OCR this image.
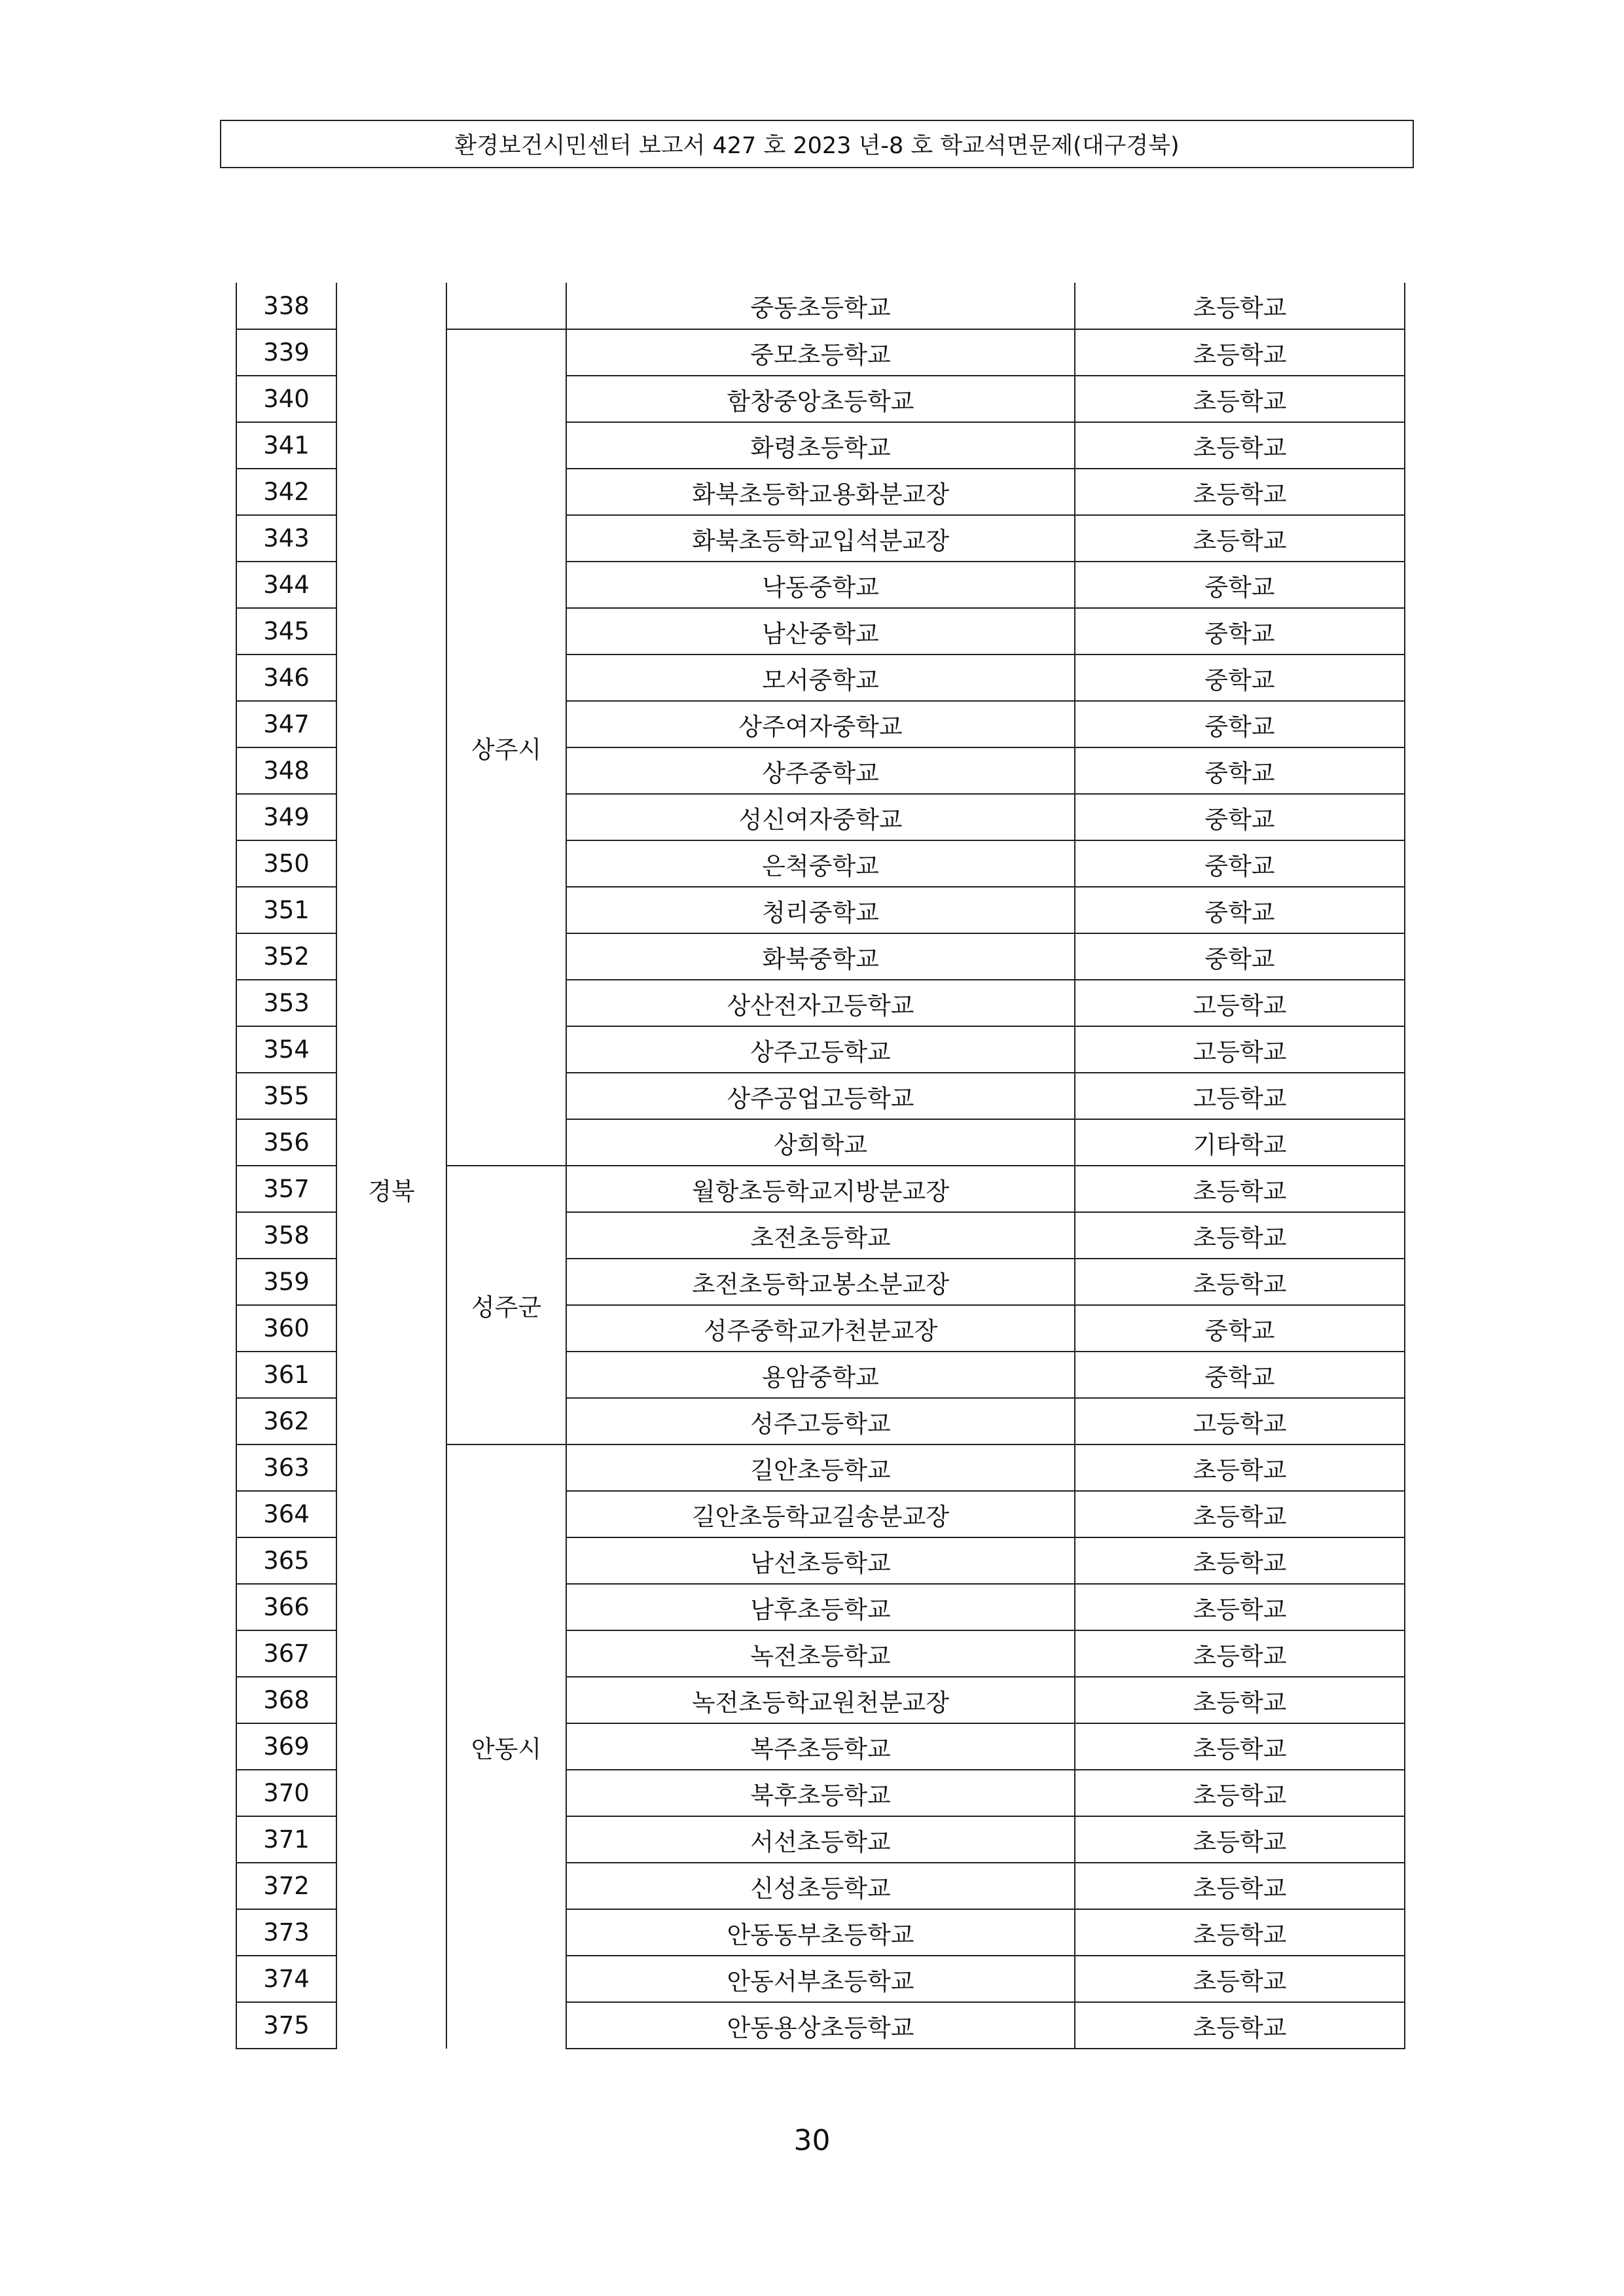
환경보건시민센터 보고서 427 호 2023 년-8 호 학교석면문제(대구경북)
338			중동초등학교	초등학교
339	경북	상주시	중모초등학교	초등학교
340			함창중앙초등학교	초등학교
341			화령초등학교	초등학교
342			화북초등학교용화분교장	초등학교
343			화북초등학교입석분교장	초등학교
344			낙동중학교	중학교
345			남산중학교	중학교
346			모서중학교	중학교
347			상주여자중학교	중학교
348			상주중학교	중학교
349			성신여자중학교	중학교
350			은척중학교	중학교
351			청리중학교	중학교
352			화북중학교	중학교
353			상산전자고등학교	고등학교
354			상주고등학교	고등학교
355			상주공업고등학교	고등학교
356			상희학교	기타학교
357		성주군	월항초등학교지방분교장	초등학교
358			초전초등학교	초등학교
359			초전초등학교봉소분교장	초등학교
360			성주중학교가천분교장	중학교
361			용암중학교	중학교
362			성주고등학교	고등학교
363		안동시	길안초등학교	초등학교
364			길안초등학교길송분교장	초등학교
365			남선초등학교	초등학교
366			남후초등학교	초등학교
367			녹전초등학교	초등학교
368			녹전초등학교원천분교장	초등학교
369			복주초등학교	초등학교
370			북후초등학교	초등학교
371			서선초등학교	초등학교
372			신성초등학교	초등학교
373			안동동부초등학교	초등학교
374			안동서부초등학교	초등학교
375			안동용상초등학교	초등학교
30
